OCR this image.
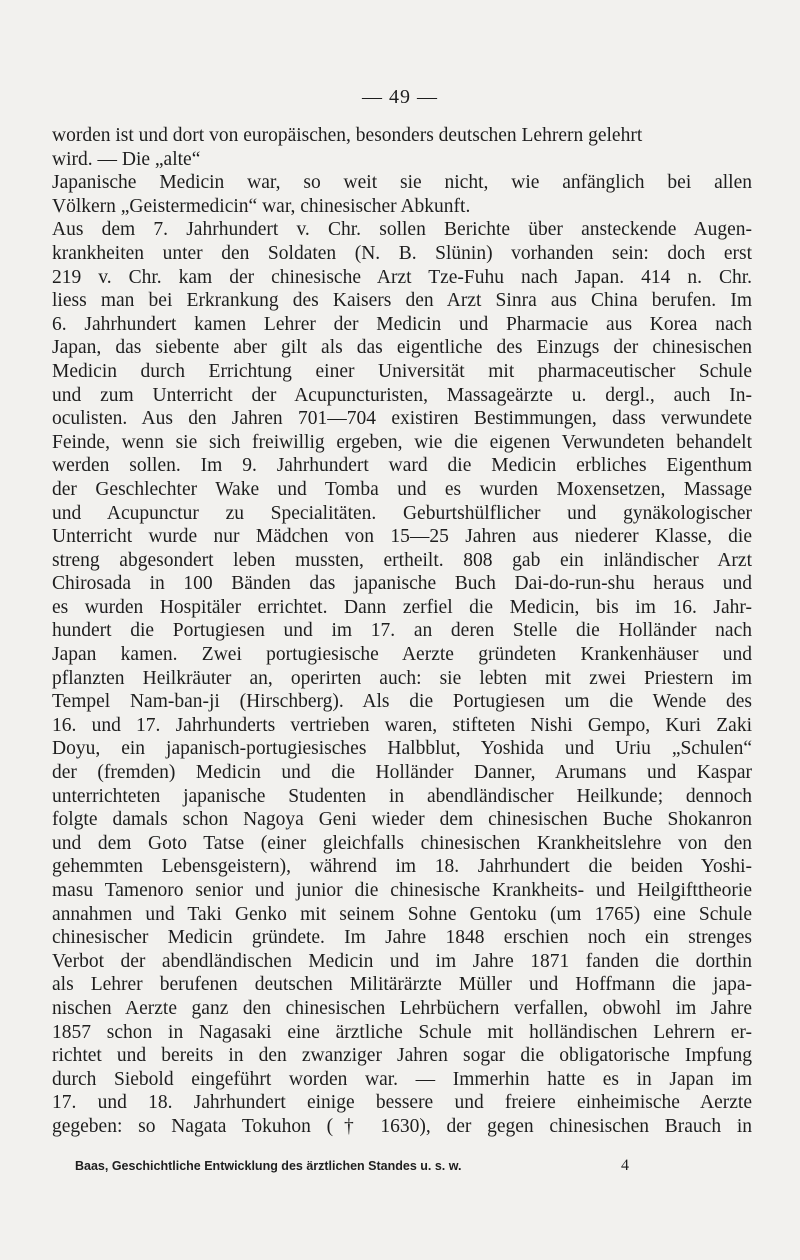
— 49 —
worden ist und dort von europäischen, besonders deutschen Lehrern gelehrt
wird. — Die „alte“
Japanische Medicin war, so weit sie nicht, wie anfänglich bei allen
Völkern „Geistermedicin“ war, chinesischer Abkunft.
Aus dem 7. Jahrhundert v. Chr. sollen Berichte über ansteckende Augen-
krankheiten unter den Soldaten (N. B. Slünin) vorhanden sein: doch erst
219 v. Chr. kam der chinesische Arzt Tze-Fuhu nach Japan. 414 n. Chr.
liess man bei Erkrankung des Kaisers den Arzt Sinra aus China berufen. Im
6. Jahrhundert kamen Lehrer der Medicin und Pharmacie aus Korea nach
Japan, das siebente aber gilt als das eigentliche des Einzugs der chinesischen
Medicin durch Errichtung einer Universität mit pharmaceutischer Schule
und zum Unterricht der Acupuncturisten, Massageärzte u. dergl., auch In-
oculisten. Aus den Jahren 701—704 existiren Bestimmungen, dass verwundete
Feinde, wenn sie sich freiwillig ergeben, wie die eigenen Verwundeten behandelt
werden sollen. Im 9. Jahrhundert ward die Medicin erbliches Eigenthum
der Geschlechter Wake und Tomba und es wurden Moxensetzen, Massage
und Acupunctur zu Specialitäten. Geburtshülflicher und gynäkologischer
Unterricht wurde nur Mädchen von 15—25 Jahren aus niederer Klasse, die
streng abgesondert leben mussten, ertheilt. 808 gab ein inländischer Arzt
Chirosada in 100 Bänden das japanische Buch Dai-do-run-shu heraus und
es wurden Hospitäler errichtet. Dann zerfiel die Medicin, bis im 16. Jahr-
hundert die Portugiesen und im 17. an deren Stelle die Holländer nach
Japan kamen. Zwei portugiesische Aerzte gründeten Krankenhäuser und
pflanzten Heilkräuter an, operirten auch: sie lebten mit zwei Priestern im
Tempel Nam-ban-ji (Hirschberg). Als die Portugiesen um die Wende des
16. und 17. Jahrhunderts vertrieben waren, stifteten Nishi Gempo, Kuri Zaki
Doyu, ein japanisch-portugiesisches Halbblut, Yoshida und Uriu „Schulen“
der (fremden) Medicin und die Holländer Danner, Arumans und Kaspar
unterrichteten japanische Studenten in abendländischer Heilkunde; dennoch
folgte damals schon Nagoya Geni wieder dem chinesischen Buche Shokanron
und dem Goto Tatse (einer gleichfalls chinesischen Krankheitslehre von den
gehemmten Lebensgeistern), während im 18. Jahrhundert die beiden Yoshi-
masu Tamenoro senior und junior die chinesische Krankheits- und Heilgifttheorie
annahmen und Taki Genko mit seinem Sohne Gentoku (um 1765) eine Schule
chinesischer Medicin gründete. Im Jahre 1848 erschien noch ein strenges
Verbot der abendländischen Medicin und im Jahre 1871 fanden die dorthin
als Lehrer berufenen deutschen Militärärzte Müller und Hoffmann die japa-
nischen Aerzte ganz den chinesischen Lehrbüchern verfallen, obwohl im Jahre
1857 schon in Nagasaki eine ärztliche Schule mit holländischen Lehrern er-
richtet und bereits in den zwanziger Jahren sogar die obligatorische Impfung
durch Siebold eingeführt worden war. — Immerhin hatte es in Japan im
17. und 18. Jahrhundert einige bessere und freiere einheimische Aerzte
gegeben: so Nagata Tokuhon († 1630), der gegen chinesischen Brauch in
Baas, Geschichtliche Entwicklung des ärztlichen Standes u. s. w.	4
